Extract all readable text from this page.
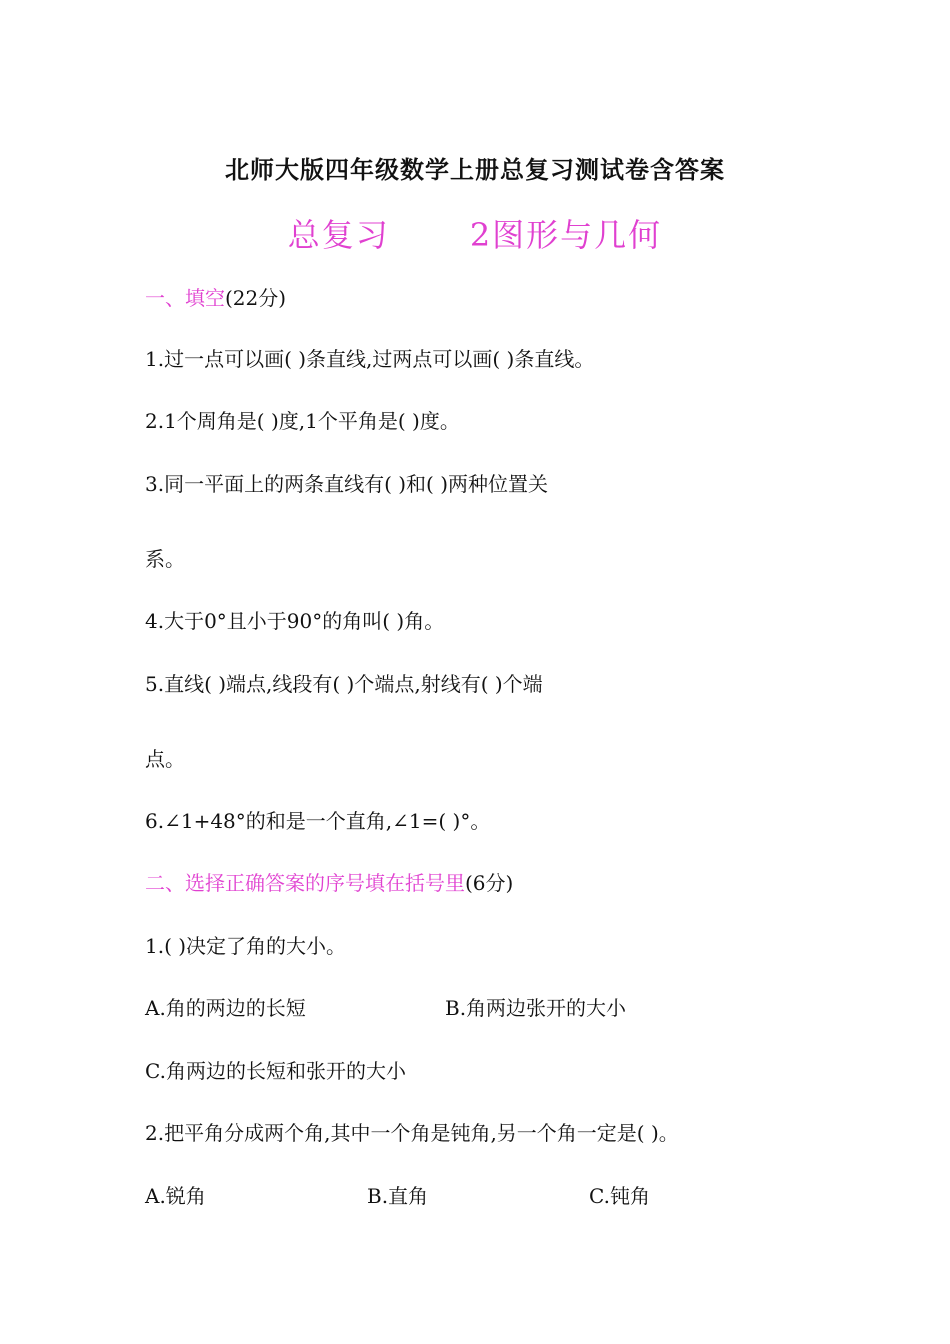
北师大版四年级数学上册总复习测试卷含答案
总复习	2图形与几何
一、填空(22分)
1.过一点可以画( )条直线,过两点可以画( )条直线。
2.1个周角是( )度,1个平角是( )度。
3.同一平面上的两条直线有( )和( )两种位置关
系。
4.大于0°且小于90°的角叫( )角。
5.直线( )端点,线段有( )个端点,射线有( )个端
点。
6.∠1+48°的和是一个直角,∠1=( )°。
二、选择正确答案的序号填在括号里(6分)
1.( )决定了角的大小。
A.角的两边的长短	B.角两边张开的大小
C.角两边的长短和张开的大小
2.把平角分成两个角,其中一个角是钝角,另一个角一定是( )。
A.锐角	B.直角	C.钝角
